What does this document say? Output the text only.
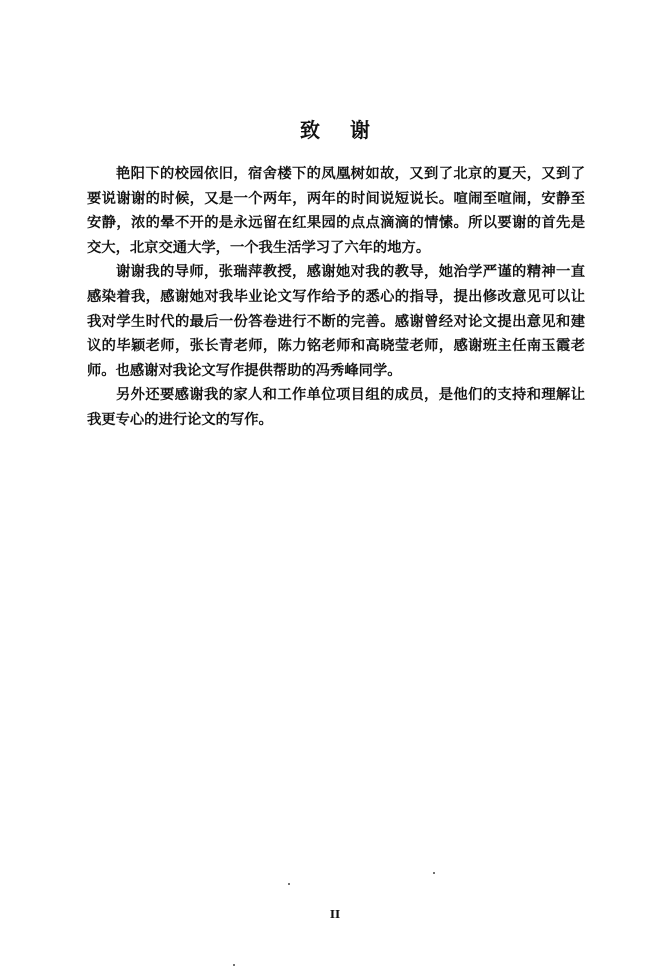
致谢

艳阳下的校园依旧，宿舍楼下的凤凰树如故，又到了北京的夏天，又到了要说谢谢的时候，又是一个两年，两年的时间说短说长。喧闹至喧闹，安静至安静，浓的晕不开的是永远留在红果园的点点滴滴的情愫。所以要谢的首先是交大，北京交通大学，一个我生活学习了六年的地方。

谢谢我的导师，张瑞萍教授，感谢她对我的教导，她治学严谨的精神一直感染着我，感谢她对我毕业论文写作给予的悉心的指导，提出修改意见可以让我对学生时代的最后一份答卷进行不断的完善。感谢曾经对论文提出意见和建议的毕颖老师，张长青老师，陈力铭老师和高晓莹老师，感谢班主任南玉霞老师。也感谢对我论文写作提供帮助的冯秀峰同学。

另外还要感谢我的家人和工作单位项目组的成员，是他们的支持和理解让我更专心的进行论文的写作。

II
